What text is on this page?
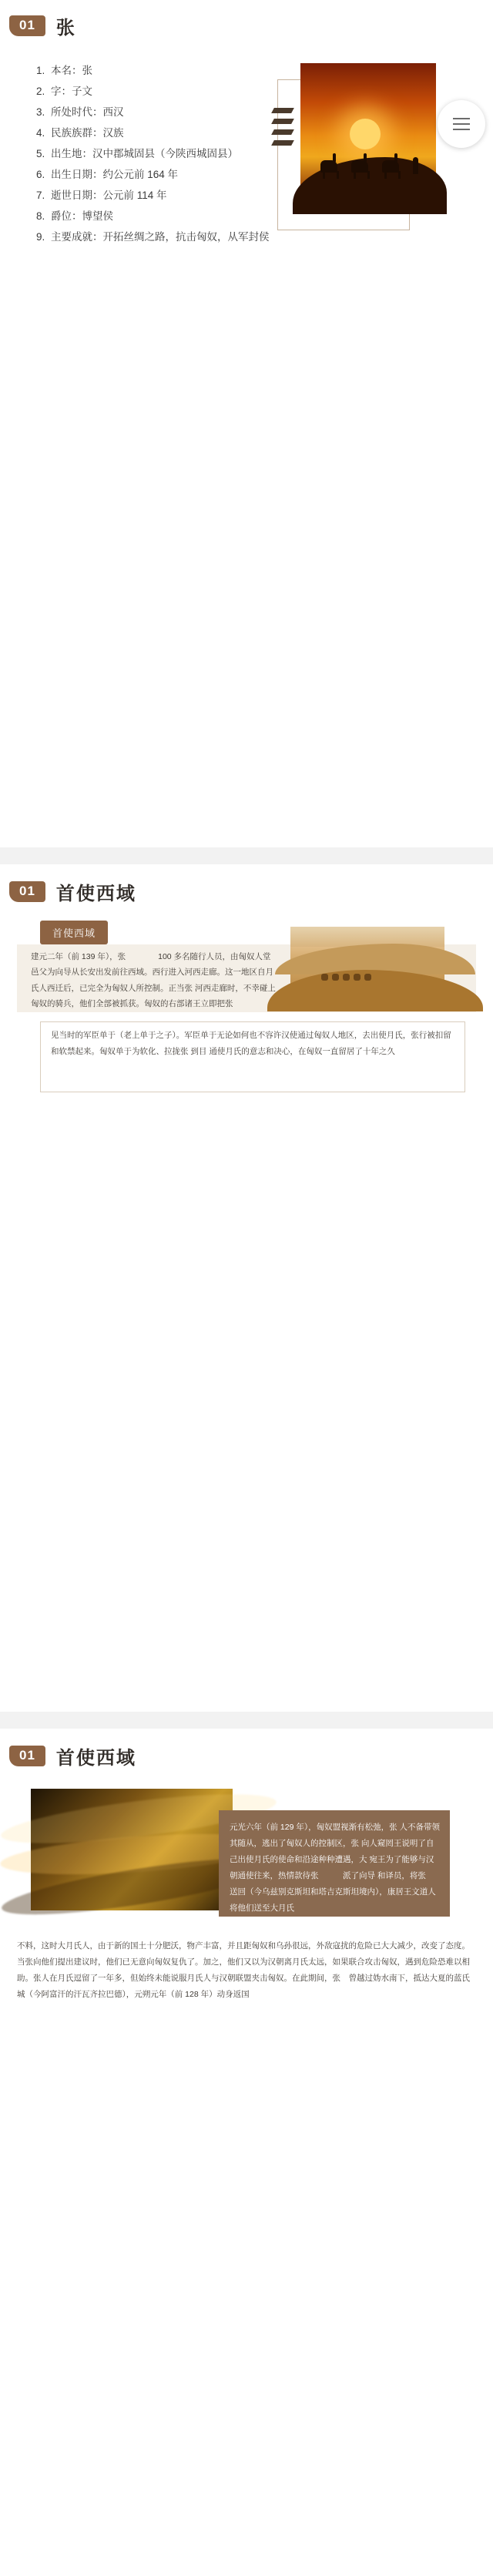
01	张
1. 本名：张
2. 字：子文
3. 所处时代：西汉
4. 民族族群：汉族
5. 出生地：汉中郡城固县（今陕西城固县）
6. 出生日期：约公元前 164 年
7. 逝世日期：公元前 114 年
8. 爵位：博望侯
9. 主要成就：开拓丝绸之路，抗击匈奴，从军封侯
01	首使西域
首使西域
建元二年（前 139 年），张　　　　100 多名随行人员，由匈奴人堂邑父为向导从长安出发前往西域。西行进入河西走廊。这一地区自月氏人西迁后，已完全为匈奴人所控制。正当张 河西走廊时，不幸碰上匈奴的骑兵，他们全部被抓获。匈奴的右部诸王立即把张
见当时的军臣单于（老上单于之子）。军臣单于无论如何也不容许汉使通过匈奴人地区，去出使月氏，张行被扣留和软禁起来。匈奴单于为软化、拉拢张 到目 通使月氏的意志和决心，在匈奴一直留居了十年之久
01	首使西域
元光六年（前 129 年），匈奴盟视渐有松弛，张 人不备带领其随从，逃出了匈奴人的控制区，张 向人窥罔王说明了自己出使月氏的使命和沿途种种遭遇，大 宛王为了能够与汉朝通使往来，热情款待张　　　派了向导 和译员，将张　　　送回（今乌兹别克斯坦和塔吉克斯坦境内），康居王文道人将他们送至大月氏
不料，这时大月氏人，由于新的国土十分肥沃，物产丰富，并且距匈奴和乌孙很远，外敌寇扰的危险已大大减少，改变了态度。当张向他们提出建议时，他们已无意向匈奴复仇了。加之，他们又以为汉朝离月氏太远，如果联合攻击匈奴，遇到危险恐难以相助。张人在月氏逗留了一年多，但始终未能说服月氏人与汉朝联盟夹击匈奴。在此期间，张　曾越过妫水南下，抵达大夏的蓝氏城（今阿富汗的汗瓦齐拉巴德），元朔元年（前 128 年）动身返国
